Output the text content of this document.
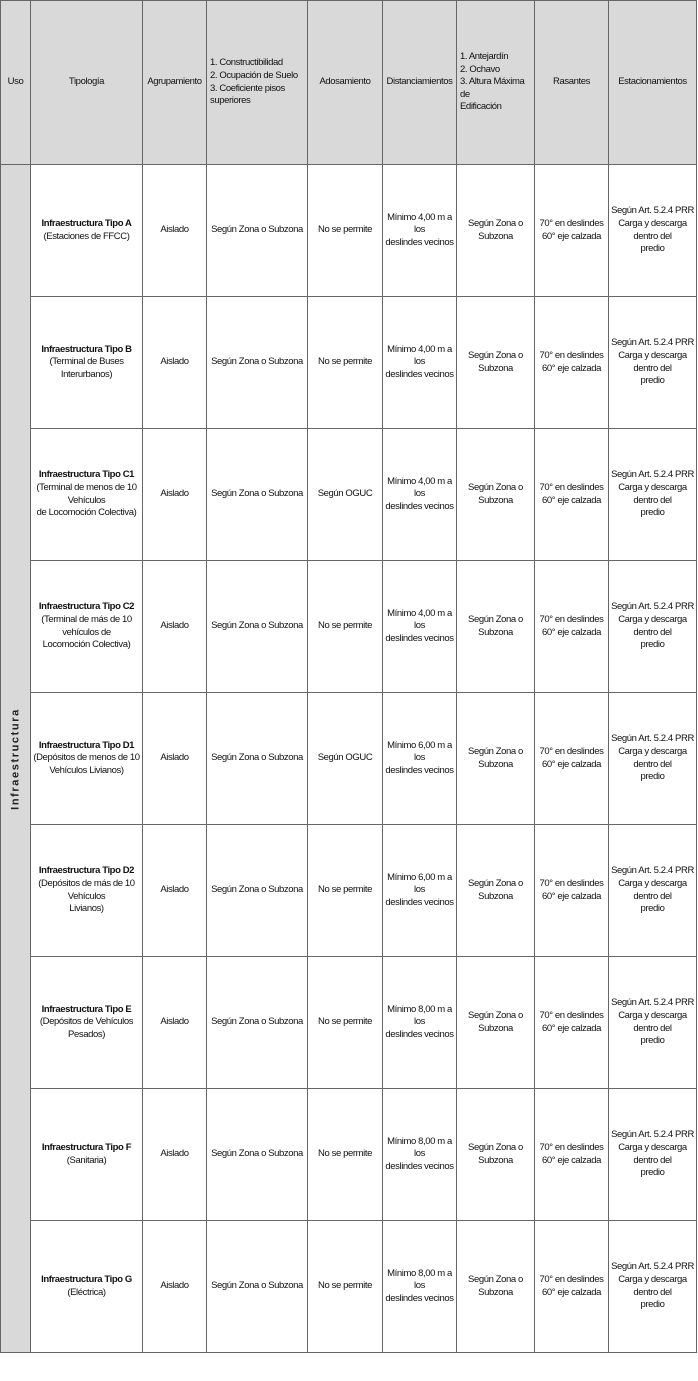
Uso	Tipología	Agrupamiento	1. Constructibilidad
2. Ocupación de Suelo
3. Coeficiente pisos
superiores	Adosamiento	Distanciamientos	1. Antejardín
2. Ochavo
3. Altura Máxima de
Edificación	Rasantes	Estacionamientos

Infraestructura	Infraestructura Tipo A
(Estaciones de FFCC)	Aislado	Según Zona o Subzona	No se permite	Mínimo 4,00 m a los
deslindes vecinos	Según Zona o Subzona	70° en deslindes
60° eje calzada	Según Art. 5.2.4 PRR
Carga y descarga dentro del
predio

	Infraestructura Tipo B
(Terminal de Buses Interurbanos)	Aislado	Según Zona o Subzona	No se permite	Mínimo 4,00 m a los
deslindes vecinos	Según Zona o Subzona	70° en deslindes
60° eje calzada	Según Art. 5.2.4 PRR
Carga y descarga dentro del
predio

	Infraestructura Tipo C1
(Terminal de menos de 10 Vehículos
de Locomoción Colectiva)	Aislado	Según Zona o Subzona	Según OGUC	Mínimo 4,00 m a los
deslindes vecinos	Según Zona o Subzona	70° en deslindes
60° eje calzada	Según Art. 5.2.4 PRR
Carga y descarga dentro del
predio

	Infraestructura Tipo C2
(Terminal de más de 10 vehículos de
Locomoción Colectiva)	Aislado	Según Zona o Subzona	No se permite	Mínimo 4,00 m a los
deslindes vecinos	Según Zona o Subzona	70° en deslindes
60° eje calzada	Según Art. 5.2.4 PRR
Carga y descarga dentro del
predio

	Infraestructura Tipo D1
(Depósitos de menos de 10
Vehículos Livianos)	Aislado	Según Zona o Subzona	Según OGUC	Mínimo 6,00 m a los
deslindes vecinos	Según Zona o Subzona	70° en deslindes
60° eje calzada	Según Art. 5.2.4 PRR
Carga y descarga dentro del
predio

	Infraestructura Tipo D2
(Depósitos de más de 10 Vehículos
Livianos)	Aislado	Según Zona o Subzona	No se permite	Mínimo 6,00 m a los
deslindes vecinos	Según Zona o Subzona	70° en deslindes
60° eje calzada	Según Art. 5.2.4 PRR
Carga y descarga dentro del
predio

	Infraestructura Tipo E
(Depósitos de Vehículos Pesados)	Aislado	Según Zona o Subzona	No se permite	Mínimo 8,00 m a los
deslindes vecinos	Según Zona o Subzona	70° en deslindes
60° eje calzada	Según Art. 5.2.4 PRR
Carga y descarga dentro del
predio

	Infraestructura Tipo F (Sanitaria)	Aislado	Según Zona o Subzona	No se permite	Mínimo 8,00 m a los
deslindes vecinos	Según Zona o Subzona	70° en deslindes
60° eje calzada	Según Art. 5.2.4 PRR
Carga y descarga dentro del
predio

	Infraestructura Tipo G (Eléctrica)	Aislado	Según Zona o Subzona	No se permite	Mínimo 8,00 m a los
deslindes vecinos	Según Zona o Subzona	70° en deslindes
60° eje calzada	Según Art. 5.2.4 PRR
Carga y descarga dentro del
predio
